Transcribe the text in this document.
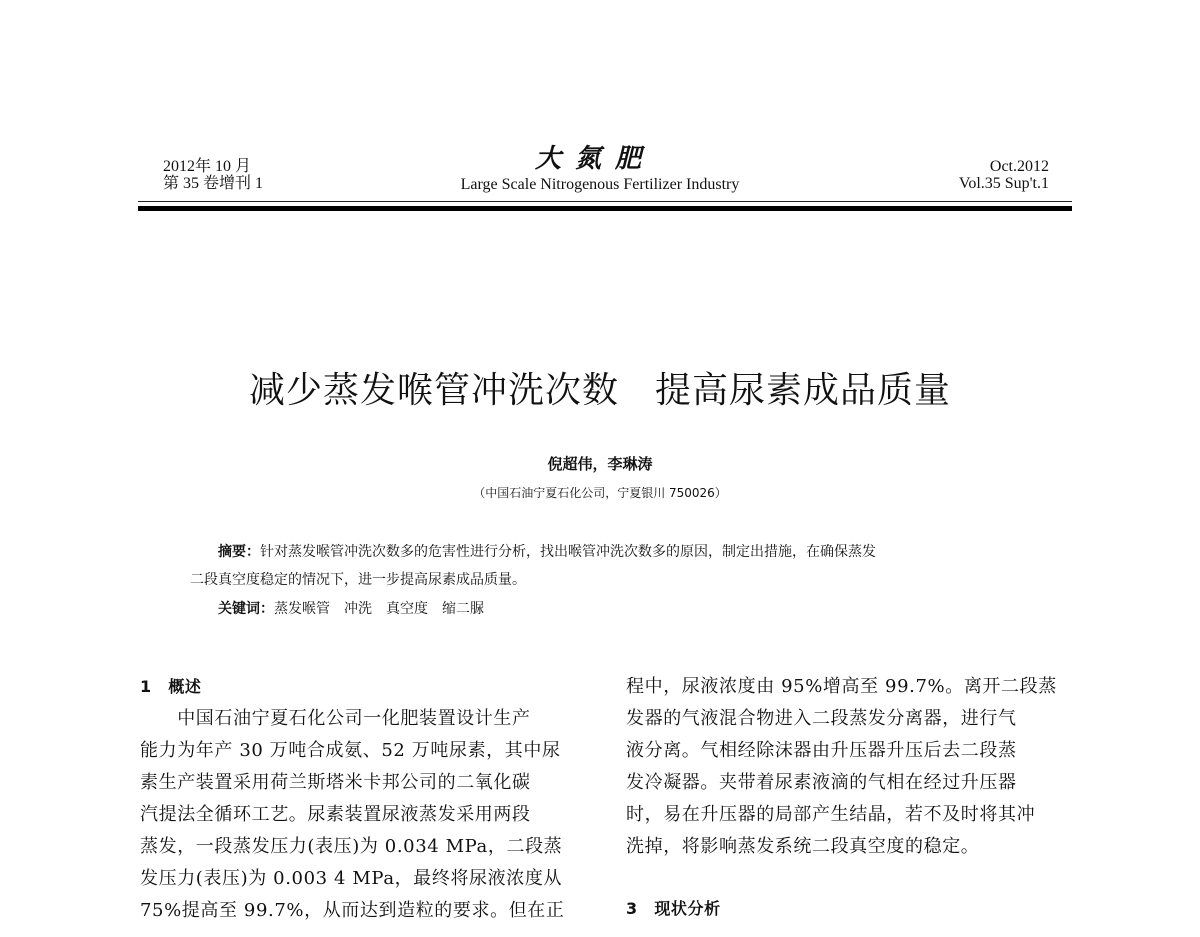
2012年 10 月
第 35 卷增刊 1
大氮肥
Large Scale Nitrogenous Fertilizer Industry
Oct.2012
Vol.35 Sup't.1
减少蒸发喉管冲洗次数 提高尿素成品质量
倪超伟，李琳涛
（中国石油宁夏石化公司，宁夏银川 750026）
摘要：针对蒸发喉管冲洗次数多的危害性进行分析，找出喉管冲洗次数多的原因，制定出措施，在确保蒸发
二段真空度稳定的情况下，进一步提高尿素成品质量。
关键词：蒸发喉管 冲洗 真空度 缩二脲
1　概述
　　中国石油宁夏石化公司一化肥装置设计生产
能力为年产 30 万吨合成氨、52 万吨尿素，其中尿
素生产装置采用荷兰斯塔米卡邦公司的二氧化碳
汽提法全循环工艺。尿素装置尿液蒸发采用两段
蒸发，一段蒸发压力(表压)为 0.034 MPa，二段蒸
发压力(表压)为 0.003 4 MPa，最终将尿液浓度从
75%提高至 99.7%，从而达到造粒的要求。但在正
程中，尿液浓度由 95%增高至 99.7%。离开二段蒸
发器的气液混合物进入二段蒸发分离器，进行气
液分离。气相经除沫器由升压器升压后去二段蒸
发冷凝器。夹带着尿素液滴的气相在经过升压器
时，易在升压器的局部产生结晶，若不及时将其冲
洗掉，将影响蒸发系统二段真空度的稳定。
3　现状分析
